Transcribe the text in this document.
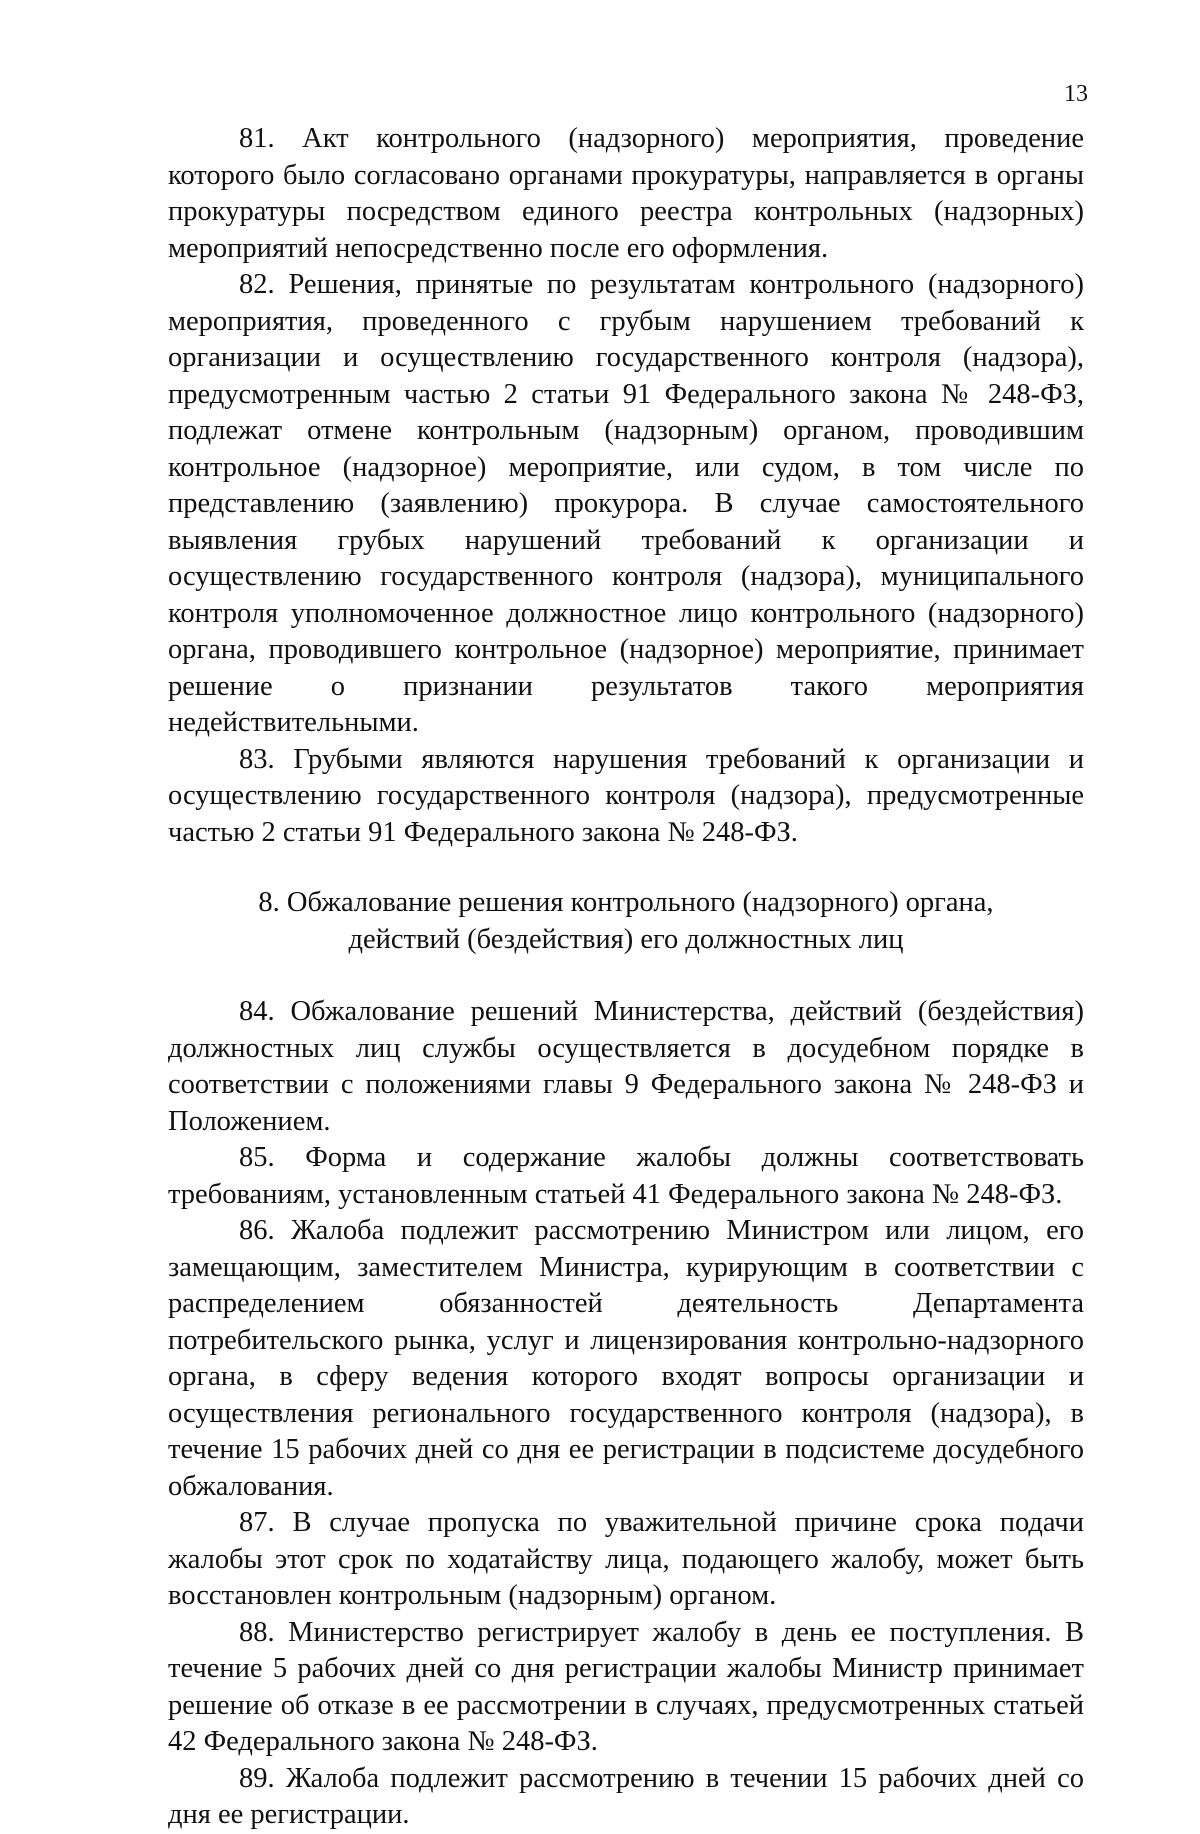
13

81. Акт контрольного (надзорного) мероприятия, проведение которого было согласовано органами прокуратуры, направляется в органы прокуратуры посредством единого реестра контрольных (надзорных) мероприятий непосредственно после его оформления.

82. Решения, принятые по результатам контрольного (надзорного) мероприятия, проведенного с грубым нарушением требований к организации и осуществлению государственного контроля (надзора), предусмотренным частью 2 статьи 91 Федерального закона № 248-ФЗ, подлежат отмене контрольным (надзорным) органом, проводившим контрольное (надзорное) мероприятие, или судом, в том числе по представлению (заявлению) прокурора. В случае самостоятельного выявления грубых нарушений требований к организации и осуществлению государственного контроля (надзора), муниципального контроля уполномоченное должностное лицо контрольного (надзорного) органа, проводившего контрольное (надзорное) мероприятие, принимает решение о признании результатов такого мероприятия недействительными.

83. Грубыми являются нарушения требований к организации и осуществлению государственного контроля (надзора), предусмотренные частью 2 статьи 91 Федерального закона № 248-ФЗ.

8. Обжалование решения контрольного (надзорного) органа,
действий (бездействия) его должностных лиц

84. Обжалование решений Министерства, действий (бездействия) должностных лиц службы осуществляется в досудебном порядке в соответствии с положениями главы 9 Федерального закона № 248-ФЗ и Положением.

85. Форма и содержание жалобы должны соответствовать требованиям, установленным статьей 41 Федерального закона № 248-ФЗ.

86. Жалоба подлежит рассмотрению Министром или лицом, его замещающим, заместителем Министра, курирующим в соответствии с распределением обязанностей деятельность Департамента потребительского рынка, услуг и лицензирования контрольно-надзорного органа, в сферу ведения которого входят вопросы организации и осуществления регионального государственного контроля (надзора), в течение 15 рабочих дней со дня ее регистрации в подсистеме досудебного обжалования.

87. В случае пропуска по уважительной причине срока подачи жалобы этот срок по ходатайству лица, подающего жалобу, может быть восстановлен контрольным (надзорным) органом.

88. Министерство регистрирует жалобу в день ее поступления. В течение 5 рабочих дней со дня регистрации жалобы Министр принимает решение об отказе в ее рассмотрении в случаях, предусмотренных статьей 42 Федерального закона № 248-ФЗ.

89. Жалоба подлежит рассмотрению в течении 15 рабочих дней со дня ее регистрации.
